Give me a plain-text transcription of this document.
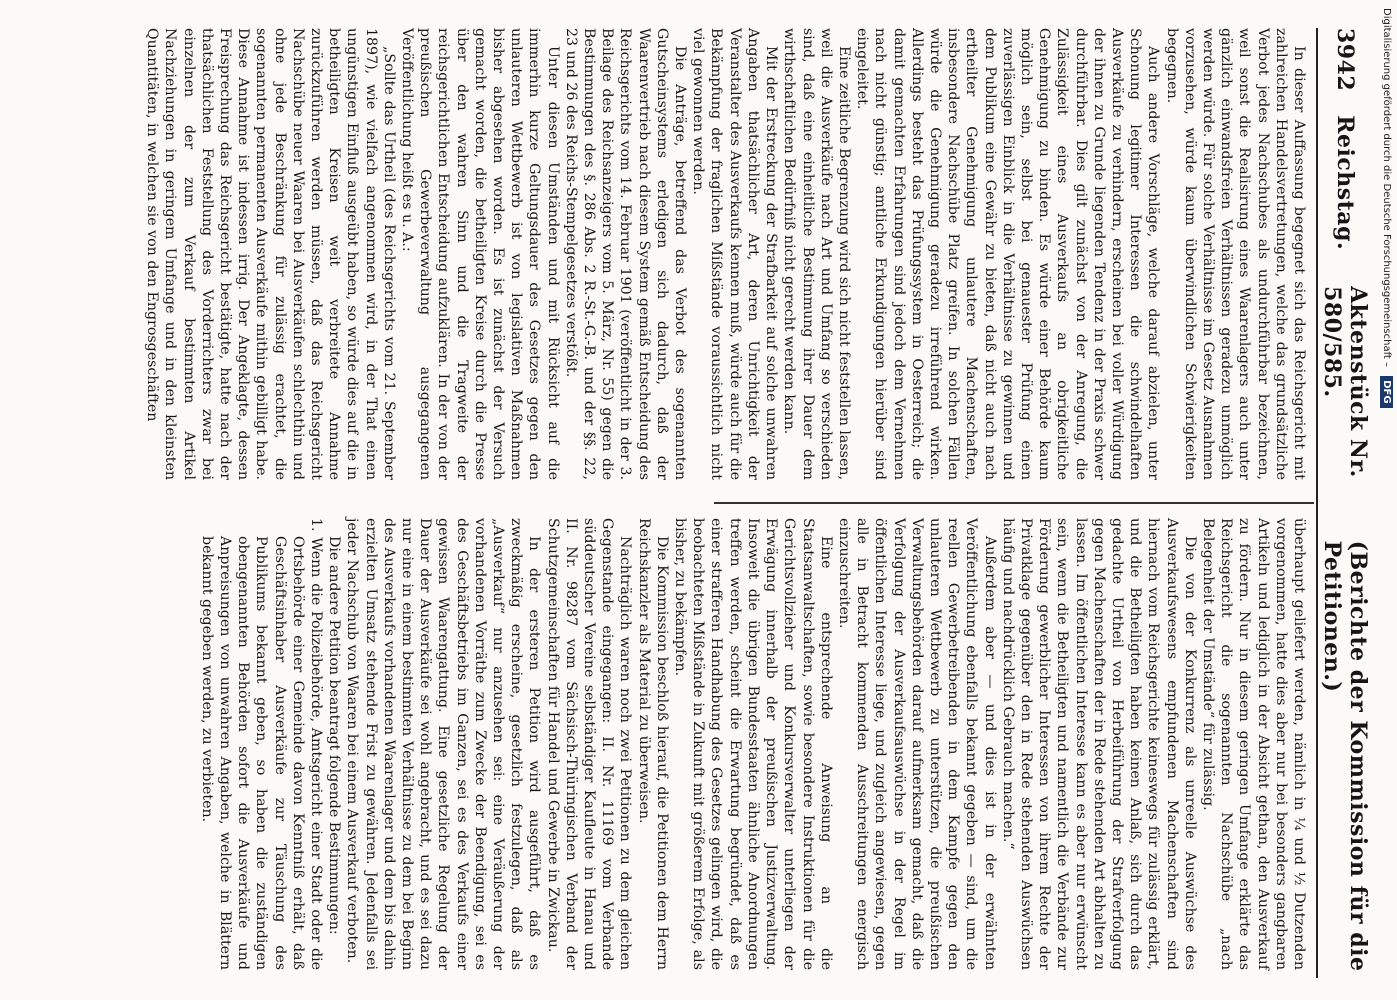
3942
Reichstag.
Aktenstück Nr. 580/585.
(Berichte der Kommission für die Petitionen.)

In dieser Auffassung begegnet sich das Reichsgericht mit zahlreichen Handelsvertretungen, welche das grundsätzliche Verbot jedes Nachschubes als undurchführbar bezeichnen, weil sonst die Realisirung eines Waarenlagers auch unter gänzlich einwandsfreien Verhältnissen geradezu unmöglich werden würde. Für solche Verhältnisse im Gesetz Ausnahmen vorzusehen, würde kaum überwindlichen Schwierigkeiten begegnen.

Auch andere Vorschläge, welche darauf abzielen, unter Schonung legitimer Interessen die schwindelhaften Ausverkäufe zu verhindern, erscheinen bei voller Würdigung der ihnen zu Grunde liegenden Tendenz in der Praxis schwer durchführbar. Dies gilt zunächst von der Anregung, die Zulässigkeit eines Ausverkaufs an obrigkeitliche Genehmigung zu binden. Es würde einer Behörde kaum möglich sein, selbst bei genauester Prüfung einen zuverlässigen Einblick in die Verhältnisse zu gewinnen und dem Publikum eine Gewähr zu bieten, daß nicht auch nach ertheilter Genehmigung unlautere Machenschaften, insbesondere Nachschübe Platz greifen. In solchen Fällen würde die Genehmigung geradezu irreführend wirken. Allerdings besteht das Prüfungssystem in Oesterreich; die damit gemachten Erfahrungen sind jedoch dem Vernehmen nach nicht günstig; amtliche Erkundigungen hierüber sind eingeleitet.

Eine zeitliche Begrenzung wird sich nicht feststellen lassen, weil die Ausverkäufe nach Art und Umfang so verschieden sind, daß eine einheitliche Bestimmung ihrer Dauer dem wirthschaftlichen Bedürfniß nicht gerecht werden kann.

Mit der Erstreckung der Strafbarkeit auf solche unwahren Angaben thatsächlicher Art, deren Unrichtigkeit der Veranstalter des Ausverkaufs kennen muß, würde auch für die Bekämpfung der fraglichen Mißstände voraussichtlich nicht viel gewonnen werden.

Die Anträge, betreffend das Verbot des sogenannten Gutscheinsystems erledigen sich dadurch, daß der Waarenvertrieb nach diesem System gemäß Entscheidung des Reichsgerichts vom 14. Februar 1901 (veröffentlicht in der 3. Beilage des Reichsanzeigers vom 5. März, Nr. 55) gegen die Bestimmungen des §. 286 Abs. 2 R.-St.-G.-B. und der §§. 22, 23 und 26 des Reichs-Stempelgesetzes verstößt.

Unter diesen Umständen und mit Rücksicht auf die immerhin kurze Geltungsdauer des Gesetzes gegen den unlauteren Wettbewerb ist von legislativen Maßnahmen bisher abgesehen worden. Es ist zunächst der Versuch gemacht worden, die betheiligten Kreise durch die Presse über den wahren Sinn und die Tragweite der reichsgerichtlichen Entscheidung aufzuklären. In der von der preußischen Gewerbeverwaltung ausgegangenen Veröffentlichung heißt es u. A.:

„Sollte das Urtheil (des Reichsgerichts vom 21. September 1897), wie vielfach angenommen wird, in der That einen ungünstigen Einfluß ausgeübt haben, so würde dies auf die in betheiligten Kreisen weit verbreitete Annahme zurückzuführen werden müssen, daß das Reichsgericht Nachschübe neuer Waaren bei Ausverkäufen schlechthin und ohne jede Beschränkung für zulässig erachtet, die sogenannten permanenten Ausverkäufe mithin gebilligt habe. Diese Annahme ist indessen irrig. Der Angeklagte, dessen Freisprechung das Reichsgericht bestätigte, hatte nach der thatsächlichen Feststellung des Vorderrichters zwar bei einzelnen der zum Verkauf bestimmten Artikel Nachziehungen in geringem Umfange und in den kleinsten Quantitäten, in welchen sie von den Engrosgeschäften

überhaupt geliefert werden, nämlich in ¼ und ½ Dutzenden vorgenommen, hatte dies aber nur bei besonders gangbaren Artikeln und lediglich in der Absicht gethan, den Ausverkauf zu fördern. Nur in diesem geringen Umfange erklärte das Reichsgericht die sogenannten Nachschübe „nach Belegenheit der Umstände“ für zulässig.

Die von der Konkurrenz als unreelle Auswüchse des Ausverkaufswesens empfundenen Machenschaften sind hiernach vom Reichsgerichte keineswegs für zulässig erklärt, und die Betheiligten haben keinen Anlaß, sich durch das gedachte Urtheil von Herbeiführung der Strafverfolgung gegen Machenschaften der in Rede stehenden Art abhalten zu lassen. Im öffentlichen Interesse kann es aber nur erwünscht sein, wenn die Betheiligten und namentlich die Verbände zur Förderung gewerblicher Interessen von ihrem Rechte der Privatklage gegenüber den in Rede stehenden Auswüchsen häufig und nachdrücklich Gebrauch machen.“

Außerdem aber — und dies ist in der erwähnten Veröffentlichung ebenfalls bekannt gegeben — sind, um die reellen Gewerbetreibenden in dem Kampfe gegen den unlauteren Wettbewerb zu unterstützen, die preußischen Verwaltungsbehörden darauf aufmerksam gemacht, daß die Verfolgung der Ausverkaufsauswüchse in der Regel im öffentlichen Interesse liege, und zugleich angewiesen, gegen alle in Betracht kommenden Ausschreitungen energisch einzuschreiten.

Eine entsprechende Anweisung an die Staatsanwaltschaften, sowie besondere Instruktionen für die Gerichtsvollzieher und Konkursverwalter unterliegen der Erwägung innerhalb der preußischen Justizverwaltung. Insoweit die übrigen Bundesstaaten ähnliche Anordnungen treffen werden, scheint die Erwartung begründet, daß es einer strafferen Handhabung des Gesetzes gelingen wird, die beobachteten Mißstände in Zukunft mit größerem Erfolge, als bisher, zu bekämpfen.

Die Kommission beschloß hierauf, die Petitionen dem Herrn Reichskanzler als Material zu überweisen.

Nachträglich waren noch zwei Petitionen zu dem gleichen Gegenstande eingegangen: II. Nr. 11169 vom Verbande süddeutscher Vereine selbständiger Kaufleute in Hanau und II. Nr. 98287 vom Sächsisch-Thüringischen Verband der Schutzgemeinschaften für Handel und Gewerbe in Zwickau.

In der ersteren Petition wird ausgeführt, daß es zweckmäßig erscheine, gesetzlich festzulegen, daß als „Ausverkauf“ nur anzusehen sei: eine Veräußerung der vorhandenen Vorräthe zum Zwecke der Beendigung, sei es des Geschäftsbetriebs im Ganzen, sei es des Verkaufs einer gewissen Waarengattung. Eine gesetzliche Regelung der Dauer der Ausverkäufe sei wohl angebracht, und es sei dazu nur eine in einem bestimmten Verhältnisse zu dem bei Beginn des Ausverkaufs vorhandenen Waarenlager und dem bis dahin erzielten Umsatz stehende Frist zu gewähren. Jedenfalls sei jeder Nachschub von Waaren bei einem Ausverkauf verboten.

Die andere Petition beantragt folgende Bestimmungen:

1. Wenn die Polizeibehörde, Amtsgericht einer Stadt oder die Ortsbehörde einer Gemeinde davon Kenntniß erhält, daß Geschäftsinhaber Ausverkäufe zur Täuschung des Publikums bekannt geben, so haben die zuständigen obengenannten Behörden sofort die Ausverkäufe und Anpreisungen von unwahren Angaben, welche in Blättern bekannt gegeben werden, zu verbieten.

Digitalisierung gefördert durch die Deutsche Forschungsgemeinschaft – DFG
